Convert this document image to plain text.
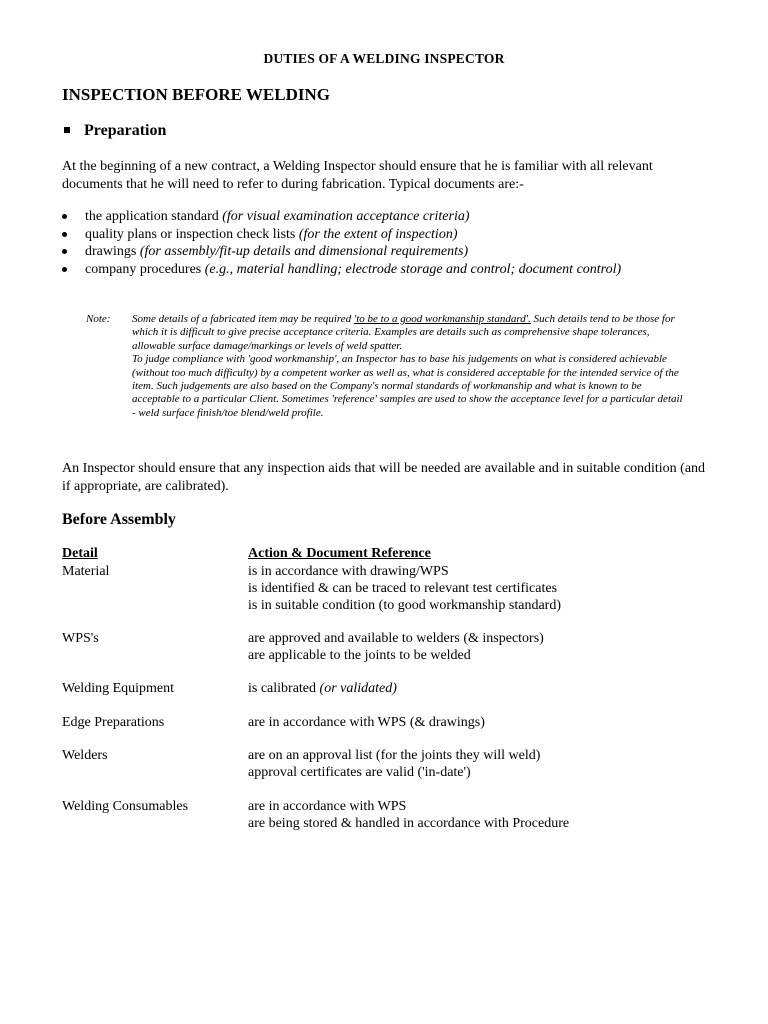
DUTIES OF A WELDING INSPECTOR
INSPECTION BEFORE WELDING
Preparation
At the beginning of a new contract, a Welding Inspector should ensure that he is familiar with all relevant documents that he will need to refer to during fabrication. Typical documents are:-
the application standard (for visual examination acceptance criteria)
quality plans or inspection check lists (for the extent of inspection)
drawings (for assembly/fit-up details and dimensional requirements)
company procedures (e.g., material handling; electrode storage and control; document control)
Note: Some details of a fabricated item may be required 'to be to a good workmanship standard'. Such details tend to be those for which it is difficult to give precise acceptance criteria. Examples are details such as comprehensive shape tolerances, allowable surface damage/markings or levels of weld spatter.
To judge compliance with 'good workmanship', an Inspector has to base his judgements on what is considered achievable (without too much difficulty) by a competent worker as well as, what is considered acceptable for the intended service of the item. Such judgements are also based on the Company's normal standards of workmanship and what is known to be acceptable to a particular Client. Sometimes 'reference' samples are used to show the acceptance level for a particular detail - weld surface finish/toe blend/weld profile.
An Inspector should ensure that any inspection aids that will be needed are available and in suitable condition (and if appropriate, are calibrated).
Before Assembly
Detail	Action & Document Reference
Material	is in accordance with drawing/WPS
is identified & can be traced to relevant test certificates
is in suitable condition (to good workmanship standard)
WPS's	are approved and available to welders (& inspectors)
are applicable to the joints to be welded
Welding Equipment	is calibrated (or validated)
Edge Preparations	are in accordance with WPS (& drawings)
Welders	are on an approval list (for the joints they will weld)
approval certificates are valid ('in-date')
Welding Consumables	are in accordance with WPS
are being stored & handled in accordance with Procedure
